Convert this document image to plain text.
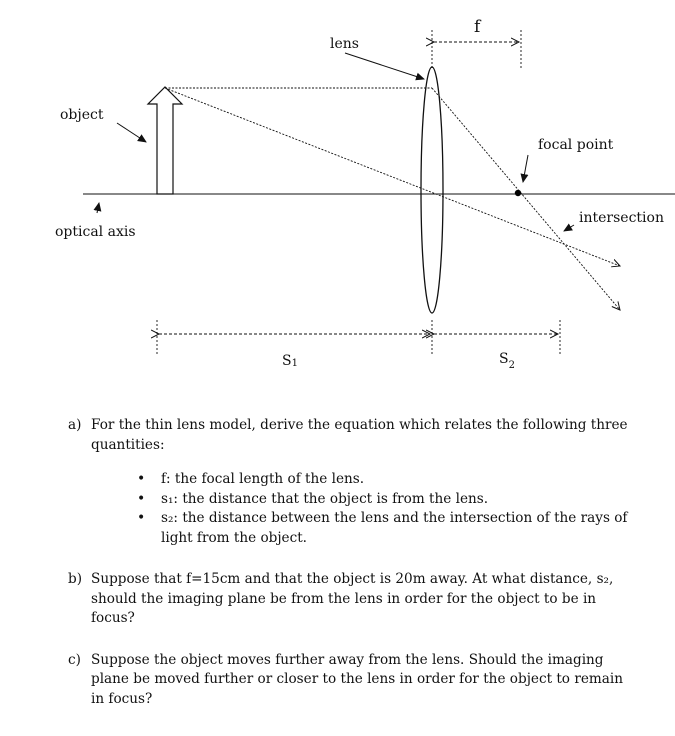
f
lens
object
focal point
intersection
optical axis
S1	$S_2$
a) For the thin lens model, derive the equation which relates the following three quantities:
•	f: the focal length of the lens.
•	s₁: the distance that the object is from the lens.
•	s₂: the distance between the lens and the intersection of the rays of light from the object.
b) Suppose that f=15cm and that the object is 20m away. At what distance, s₂, should the imaging plane be from the lens in order for the object to be in focus?
c) Suppose the object moves further away from the lens. Should the imaging plane be moved further or closer to the lens in order for the object to remain in focus?
